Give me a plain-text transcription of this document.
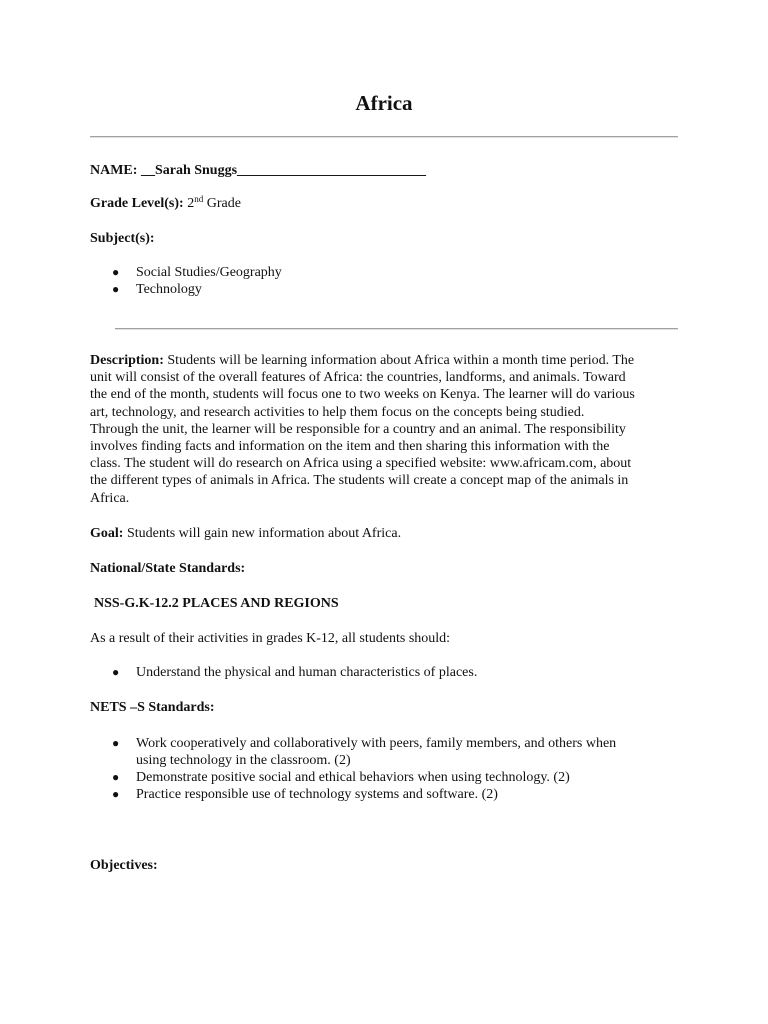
Africa

NAME: __Sarah Snuggs___________________________

Grade Level(s): 2nd Grade

Subject(s):

● Social Studies/Geography
● Technology
Description: Students will be learning information about Africa within a month time period. The
unit will consist of the overall features of Africa: the countries, landforms, and animals. Toward
the end of the month, students will focus one to two weeks on Kenya. The learner will do various
art, technology, and research activities to help them focus on the concepts being studied.
Through the unit, the learner will be responsible for a country and an animal. The responsibility
involves finding facts and information on the item and then sharing this information with the
class. The student will do research on Africa using a specified website: www.africam.com, about
the different types of animals in Africa. The students will create a concept map of the animals in
Africa.

Goal: Students will gain new information about Africa.

National/State Standards:

NSS-G.K-12.2 PLACES AND REGIONS

As a result of their activities in grades K-12, all students should:

● Understand the physical and human characteristics of places.

NETS –S Standards:

● Work cooperatively and collaboratively with peers, family members, and others when
using technology in the classroom. (2)
● Demonstrate positive social and ethical behaviors when using technology. (2)
● Practice responsible use of technology systems and software. (2)

Objectives:
